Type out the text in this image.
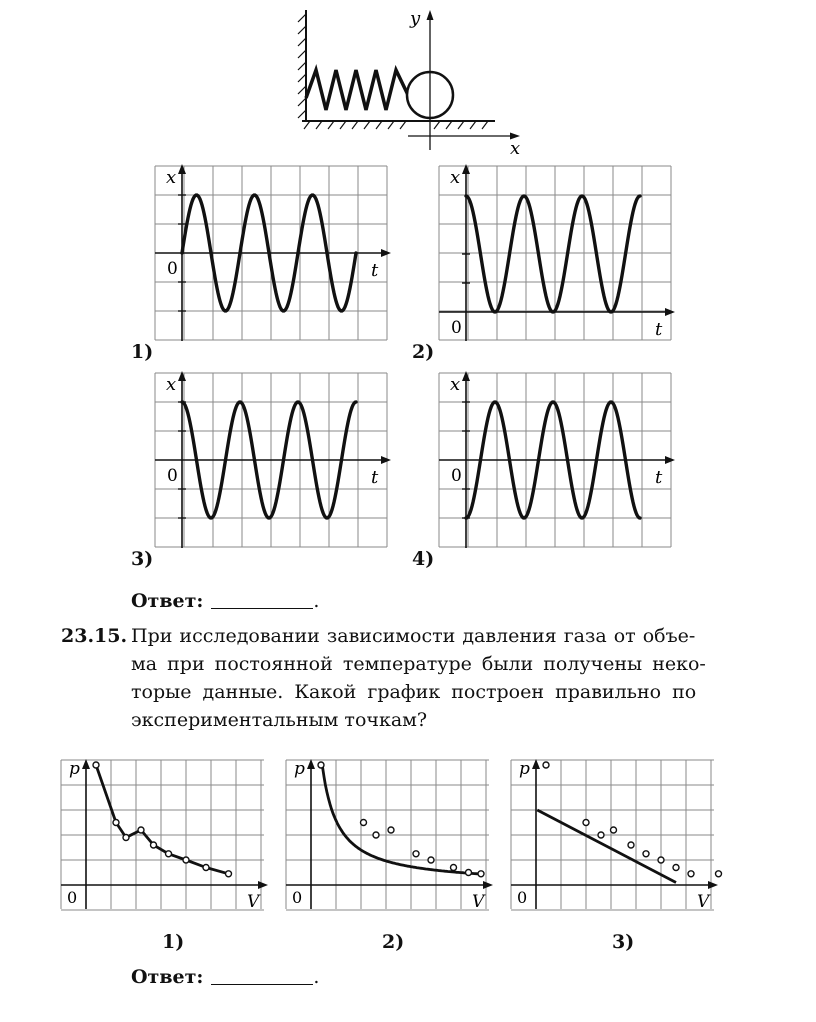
y
x
x
t
0
x
t
0
x
t
0
x
t
0
1)	2)
3)	4)
Ответ:	.
23.15. При исследовании зависимости давления газа от объе-
ма при постоянной температуре были получены неко-
торые данные. Какой график построен правильно по
экспериментальным точкам?
p
V
0
p
V
0
p
V
0
1)	2)	3)
Ответ:	.
